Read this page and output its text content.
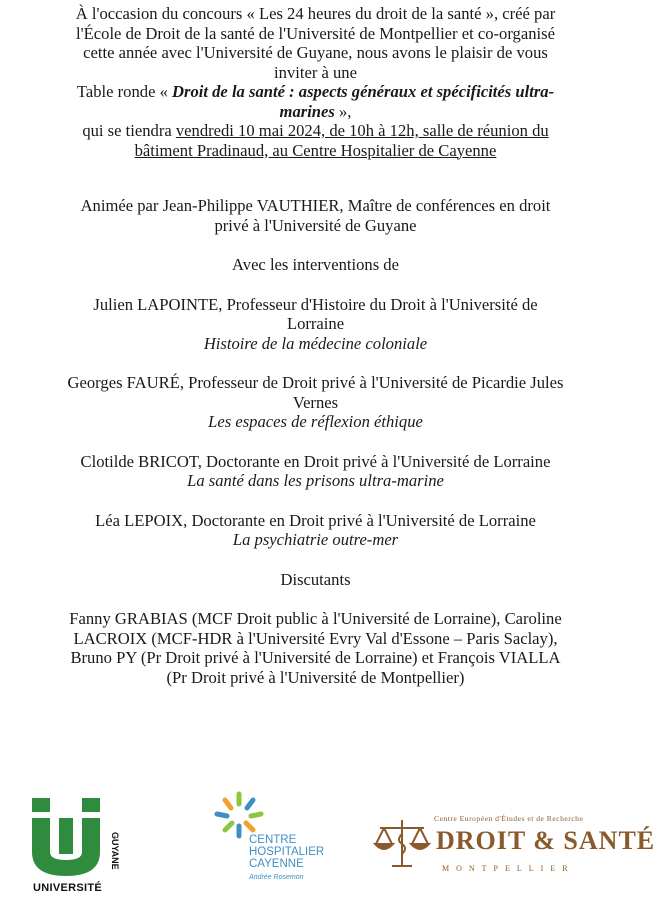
À l'occasion du concours « Les 24 heures du droit de la santé », créé par

l'École de Droit de la santé de l'Université de Montpellier et co-organisé

cette année avec l'Université de Guyane, nous avons le plaisir de vous

inviter à une

Table ronde « Droit de la santé : aspects généraux et spécificités ultra-

marines »,

qui se tiendra vendredi 10 mai 2024, de 10h à 12h, salle de réunion du

bâtiment Pradinaud, au Centre Hospitalier de Cayenne

Animée par Jean-Philippe VAUTHIER, Maître de conférences en droit

privé à l'Université de Guyane

Avec les interventions de

Julien LAPOINTE, Professeur d'Histoire du Droit à l'Université de

Lorraine

Histoire de la médecine coloniale

Georges FAURÉ, Professeur de Droit privé à l'Université de Picardie Jules

Vernes

Les espaces de réflexion éthique

Clotilde BRICOT, Doctorante en Droit privé à l'Université de Lorraine

La santé dans les prisons ultra-marine

Léa LEPOIX, Doctorante en Droit privé à l'Université de Lorraine

La psychiatrie outre-mer

Discutants

Fanny GRABIAS (MCF Droit public à l'Université de Lorraine), Caroline

LACROIX (MCF-HDR à l'Université Evry Val d'Essone – Paris Saclay),

Bruno PY (Pr Droit privé à l'Université de Lorraine) et François VIALLA

(Pr Droit privé à l'Université de Montpellier)

GUYANE
UNIVERSITÉ
CENTRE
HOSPITALIER
CAYENNE
Andrée Rosemon
Centre Européen d'Études et de Recherche
DROIT & SANTÉ
MONTPELLIER
